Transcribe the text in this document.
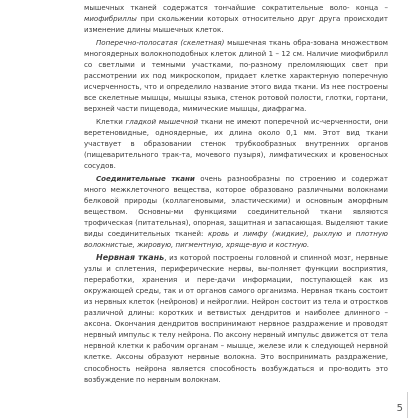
мышечных тканей содержатся тончайшие сократительные воло- конца – миофибриллы при скольжении которых относительно друг друга происходит изменение длины мышечных клеток.

Поперечно-полосатая (скелетная) мышечная ткань обра-зована множеством многоядерных волокноподобных клеток длиной 1 – 12 см. Наличие миофибрилл со светлыми и темными участками, по-разному преломляющих свет при рассмотрении их под микроскопом, придает клетке характерную поперечную исчерченность, что и определило название этого вида ткани. Из нее построены все скелетные мышцы, мышцы языка, стенок ротовой полости, глотки, гортани, верхней части пищевода, мимические мышцы, диафрагма.

Клетки гладкой мышечной ткани не имеют поперечной ис-черченности, они веретеновидные, одноядерные, их длина около 0,1 мм. Этот вид ткани участвует в образовании стенок трубкообразных внутренних органов (пищеварительного трак-та, мочевого пузыря), лимфатических и кровеносных сосудов.

Соединительные ткани очень разнообразны по строению и содержат много межклеточного вещества, которое образовано различными волокнами белковой природы (коллагеновыми, эластическими) и основным аморфным веществом. Основны-ми функциями соединительной ткани являются трофическая (питательная), опорная, защитная и запасающая. Выделяют такие виды соединительных тканей: кровь и лимфу (жидкие), рыхлую и плотную волокнистые, жировую, пигментную, хряще-вую и костную.

Нервная ткань, из которой построены головной и спинной мозг, нервные узлы и сплетения, периферические нервы, вы-полняет функции восприятия, переработки, хранения и пере-дачи информации, поступающей как из окружающей среды, так и от органов самого организма. Нервная ткань состоит из нервных клеток (нейронов) и нейроглии. Нейрон состоит из тела и отростков различной длины: коротких и ветвистых дендритов и наиболее длинного – аксона. Окончания дендритов воспринимают нервное раздражение и проводят нервный импульс к телу нейрона. По аксону нервный импульс движется от тела нервной клетки к рабочим органам – мышце, железе или к следующей нервной клетке. Аксоны образуют нервные волокна. Это воспринимать раздражение, способность нейрона является способность возбуждаться и про-водить это возбуждение по нервным волокнам.

5
